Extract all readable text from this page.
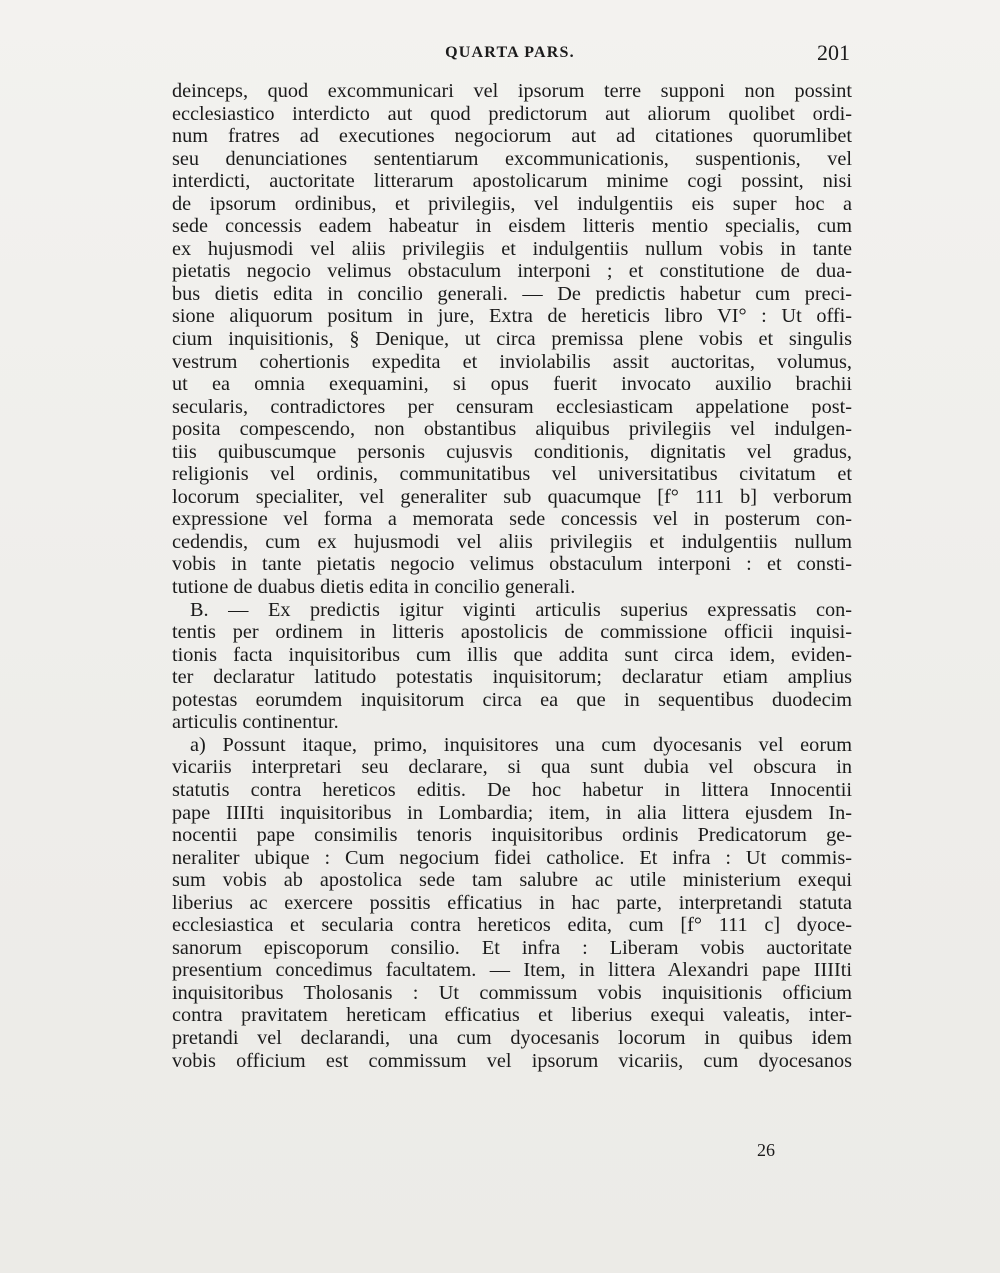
QUARTA PARS.	201
deinceps, quod excommunicari vel ipsorum terre supponi non possint
ecclesiastico interdicto aut quod predictorum aut aliorum quolibet ordi-
num fratres ad executiones negociorum aut ad citationes quorumlibet
seu denunciationes sententiarum excommunicationis, suspentionis, vel
interdicti, auctoritate litterarum apostolicarum minime cogi possint, nisi
de ipsorum ordinibus, et privilegiis, vel indulgentiis eis super hoc a
sede concessis eadem habeatur in eisdem litteris mentio specialis, cum
ex hujusmodi vel aliis privilegiis et indulgentiis nullum vobis in tante
pietatis negocio velimus obstaculum interponi ; et constitutione de dua-
bus dietis edita in concilio generali. — De predictis habetur cum preci-
sione aliquorum positum in jure, Extra de hereticis libro VI° : Ut offi-
cium inquisitionis, § Denique, ut circa premissa plene vobis et singulis
vestrum cohertionis expedita et inviolabilis assit auctoritas, volumus,
ut ea omnia exequamini, si opus fuerit invocato auxilio brachii
secularis, contradictores per censuram ecclesiasticam appelatione post-
posita compescendo, non obstantibus aliquibus privilegiis vel indulgen-
tiis quibuscumque personis cujusvis conditionis, dignitatis vel gradus,
religionis vel ordinis, communitatibus vel universitatibus civitatum et
locorum specialiter, vel generaliter sub quacumque [f° 111 b] verborum
expressione vel forma a memorata sede concessis vel in posterum con-
cedendis, cum ex hujusmodi vel aliis privilegiis et indulgentiis nullum
vobis in tante pietatis negocio velimus obstaculum interponi : et consti-
tutione de duabus dietis edita in concilio generali.
B. — Ex predictis igitur viginti articulis superius expressatis con-
tentis per ordinem in litteris apostolicis de commissione officii inquisi-
tionis facta inquisitoribus cum illis que addita sunt circa idem, eviden-
ter declaratur latitudo potestatis inquisitorum; declaratur etiam amplius
potestas eorumdem inquisitorum circa ea que in sequentibus duodecim
articulis continentur.
a) Possunt itaque, primo, inquisitores una cum dyocesanis vel eorum
vicariis interpretari seu declarare, si qua sunt dubia vel obscura in
statutis contra hereticos editis. De hoc habetur in littera Innocentii
pape IIIIti inquisitoribus in Lombardia; item, in alia littera ejusdem In-
nocentii pape consimilis tenoris inquisitoribus ordinis Predicatorum ge-
neraliter ubique : Cum negocium fidei catholice. Et infra : Ut commis-
sum vobis ab apostolica sede tam salubre ac utile ministerium exequi
liberius ac exercere possitis efficatius in hac parte, interpretandi statuta
ecclesiastica et secularia contra hereticos edita, cum [f° 111 c] dyoce-
sanorum episcoporum consilio. Et infra : Liberam vobis auctoritate
presentium concedimus facultatem. — Item, in littera Alexandri pape IIIIti
inquisitoribus Tholosanis : Ut commissum vobis inquisitionis officium
contra pravitatem hereticam efficatius et liberius exequi valeatis, inter-
pretandi vel declarandi, una cum dyocesanis locorum in quibus idem
vobis officium est commissum vel ipsorum vicariis, cum dyocesanos
26
